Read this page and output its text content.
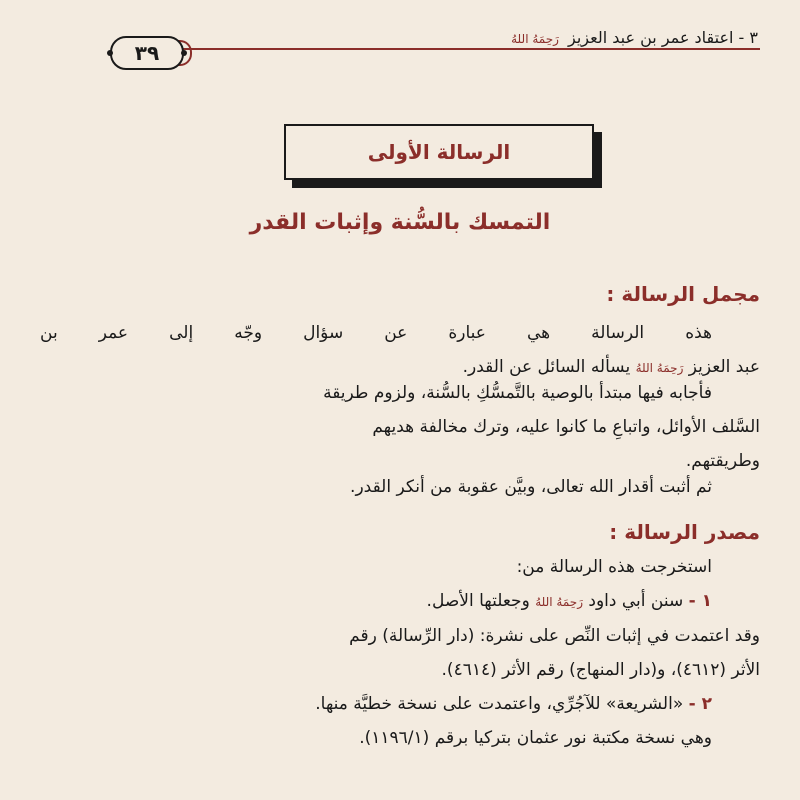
٣ - اعتقاد عمر بن عبد العزيز رَحِمَهُ اللهُ
٣٩
الرسالة الأولى
التمسك بالسُّنة وإثبات القدر
مجمل الرسالة :
هذه الرسالة هي عبارة عن سؤال وجّه إلى عمر بن
عبد العزيز رَحِمَهُ اللهُ يسأله السائل عن القدر.
فأجابه فيها مبتدأ بالوصية بالتَّمسُّكِ بالسُّنة، ولزوم طريقة
السَّلف الأوائل، واتباعِ ما كانوا عليه، وترك مخالفة هديهم
وطريقتهم.
ثم أثبت أقدار الله تعالى، وبيَّن عقوبة من أنكر القدر.
مصدر الرسالة :
استخرجت هذه الرسالة من:
١ - سنن أبي داود رَحِمَهُ اللهُ وجعلتها الأصل.
وقد اعتمدت في إثبات النِّص على نشرة: (دار الرِّسالة) رقم
الأثر (٤٦١٢)، و(دار المنهاج) رقم الأثر (٤٦١٤).
٢ - «الشريعة» للآجُرِّي، واعتمدت على نسخة خطيَّة منها.
وهي نسخة مكتبة نور عثمان بتركيا برقم (١١٩٦/١).
